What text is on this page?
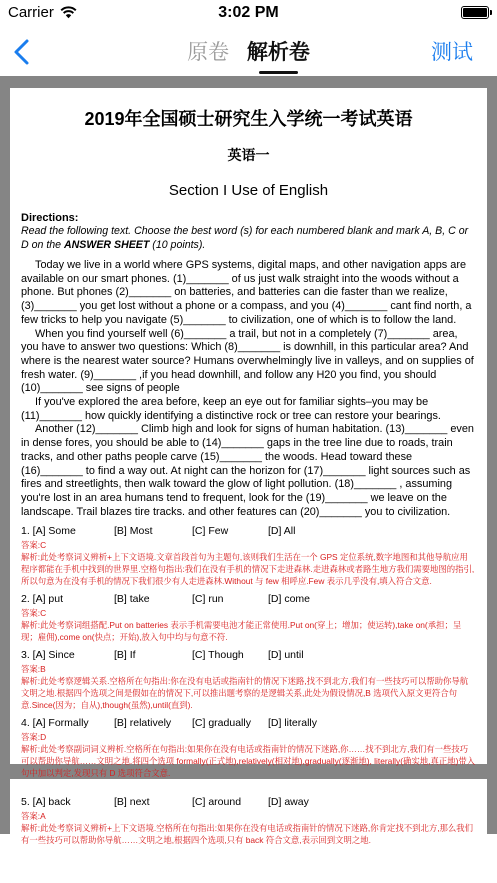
Carrier	3:02 PM
原卷 解析卷	测试
2019年全国硕士研究生入学统一考试英语
英语一
Section I Use of English
Directions:
Read the following text. Choose the best word (s) for each numbered blank and mark A, B, C or D on the ANSWER SHEET (10 points).

Today we live in a world where GPS systems, digital maps, and other navigation apps are available on our smart phones. (1)_______ of us just walk straight into the woods without a phone. But phones (2)_______ on batteries, and batteries can die faster than we realize, (3)_______ you get lost without a phone or a compass, and you (4)_______ cant find north, a few tricks to help you navigate (5)_______ to civilization, one of which is to follow the land.

When you find yourself well (6)_______ a trail, but not in a completely (7)_______ area, you have to answer two questions: Which (8)_______ is downhill, in this particular area? And where is the nearest water source? Humans overwhelmingly live in valleys, and on supplies of fresh water. (9)_______ ,if you head downhill, and follow any H20 you find, you should (10)_______ see signs of people

If you've explored the area before, keep an eye out for familiar sights–you may be (11)_______ how quickly identifying a distinctive rock or tree can restore your bearings.

Another (12)_______ Climb high and look for signs of human habitation. (13)_______ even in dense fores, you should be able to (14)_______ gaps in the tree line due to roads, train tracks, and other paths people carve (15)_______ the woods. Head toward these (16)_______ to find a way out. At night can the horizon for (17)_______ light sources such as fires and streetlights, then walk toward the glow of light pollution. (18)_______ , assuming you're lost in an area humans tend to frequent, look for the (19)_______ we leave on the landscape. Trail blazes tire tracks. and other features can (20)_______ you to civilization.

1. [A] Some	[B] Most	[C] Few	[D] All
答案:C
解析:此处考察词义辨析+上下文语境.文章首段首句为主题句,该则我们生活在一个 GPS 定位系统,数字地图和其他导航应用程序都能在手机中找到的世界里.空格句指出:我们在没有手机的情况下走进森林.走进森林或者路生地方我们需要地图的指引,所以句意为在没有手机的情况下我们很少有人走进森林.Without 与 few 相呼应.Few 表示几乎没有,填入符合文意.
2. [A] put	[B] take	[C] run	[D] come
答案:C
解析:此处考察词组搭配.Put on batteries 表示手机需要电池才能正常使用.Put on(穿上；增加；使运转),take on(承担；呈现；雇佣),come on(快点；开始),放入句中均与句意不符.
3. [A] Since	[B] If	[C] Though [D] until
答案:B
解析:此处考察逻辑关系.空格所在句指出:你在没有电话或指南针的情况下迷路,找不到北方,我们有一些技巧可以帮助你导航文明之地.根据四个选项之间是假如在的情况下,可以推出题考察的是逻辑关系,此处为假设情况,B 选项代入原文更符合句意.Since(因为；自从),though(虽然),until(直到).
4. [A] Formally [B] relatively [C] gradually [D] literally
答案:D
解析:此处考察副词词义辨析.空格所在句指出:如果你在没有电话或指南针的情况下迷路,你……找不到北方,我们有一些技巧可以帮助你导航……文明之地.将四个选项 formally(正式地),relatively(相对地),gradually(逐渐地), literally(确实地,真正地)带入句中加以判定,发现只有 D 选项符合文意.
5. [A] back	[B] next	[C] around	[D] away
答案:A
解析:此处考察词义辨析+上下文语境.空格所在句指出:如果你在没有电话或指南针的情况下迷路,你肯定找不到北方,那么我们有一些技巧可以帮助你导航……文明之地,根据四个选项,只有 back 符合文意,表示回到文明之地.
